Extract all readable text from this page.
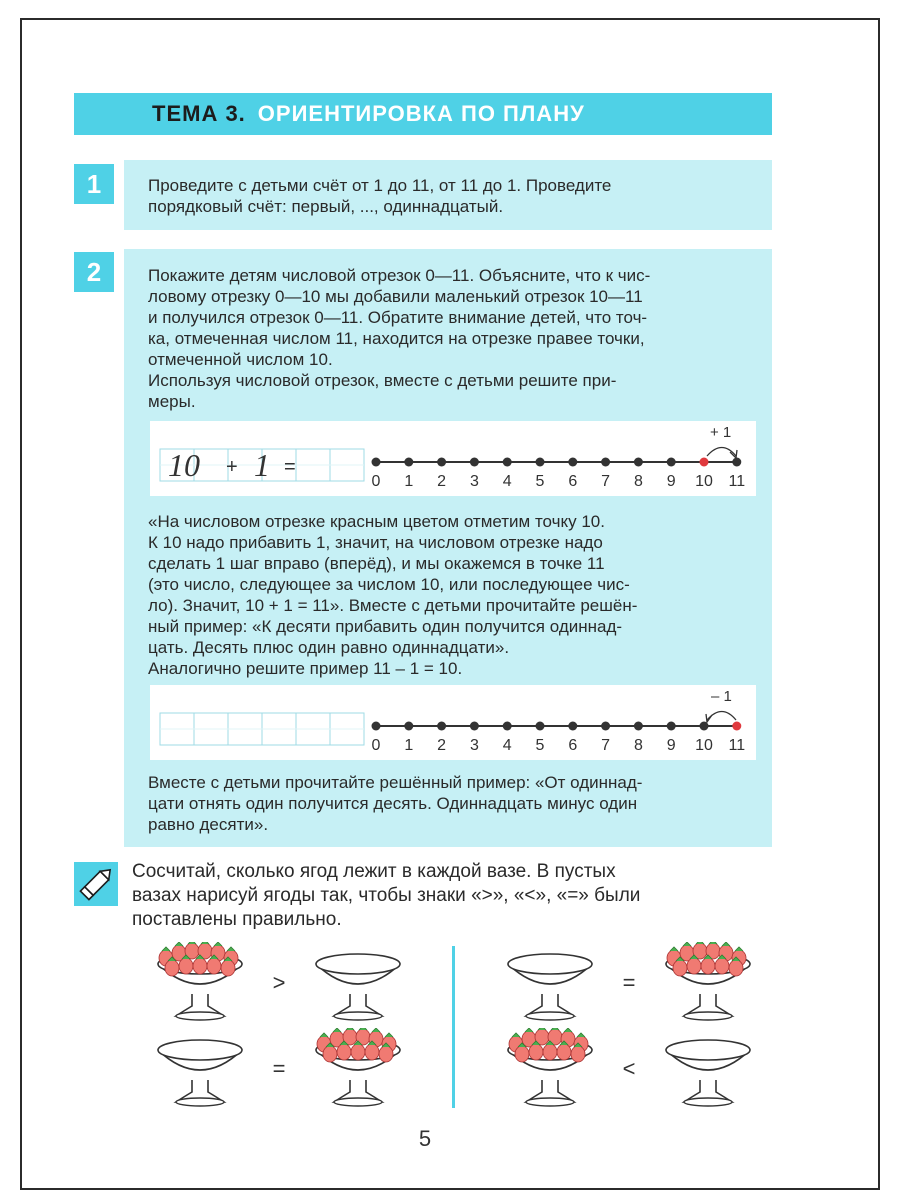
ТЕМА 3. ОРИЕНТИРОВКА ПО ПЛАНУ
1	Проведите с детьми счёт от 1 до 11, от 11 до 1. Проведите
порядковый счёт: первый, ..., одиннадцатый.
2	Покажите детям числовой отрезок 0—11. Объясните, что к чис-
ловому отрезку 0—10 мы добавили маленький отрезок 10—11
и получился отрезок 0—11. Обратите внимание детей, что точ-
ка, отмеченная числом 11, находится на отрезке правее точки,
отмеченной числом 10.
Используя числовой отрезок, вместе с детьми решите при-
меры.
10 + 1 =
0 1 2 3 4 5 6 7 8 9 10 11
+ 1
«На числовом отрезке красным цветом отметим точку 10.
К 10 надо прибавить 1, значит, на числовом отрезке надо
сделать 1 шаг вправо (вперёд), и мы окажемся в точке 11
(это число, следующее за числом 10, или последующее чис-
ло). Значит, 10 + 1 = 11». Вместе с детьми прочитайте решён-
ный пример: «К десяти прибавить один получится одиннад-
цать. Десять плюс один равно одиннадцати».
Аналогично решите пример 11 – 1 = 10.
0 1 2 3 4 5 6 7 8 9 10 11
– 1
Вместе с детьми прочитайте решённый пример: «От одиннад-
цати отнять один получится десять. Одиннадцать минус один
равно десяти».
Сосчитай, сколько ягод лежит в каждой вазе. В пустых
вазах нарисуй ягоды так, чтобы знаки «>», «<», «=» были
поставлены правильно.
>
=
=
<
5
